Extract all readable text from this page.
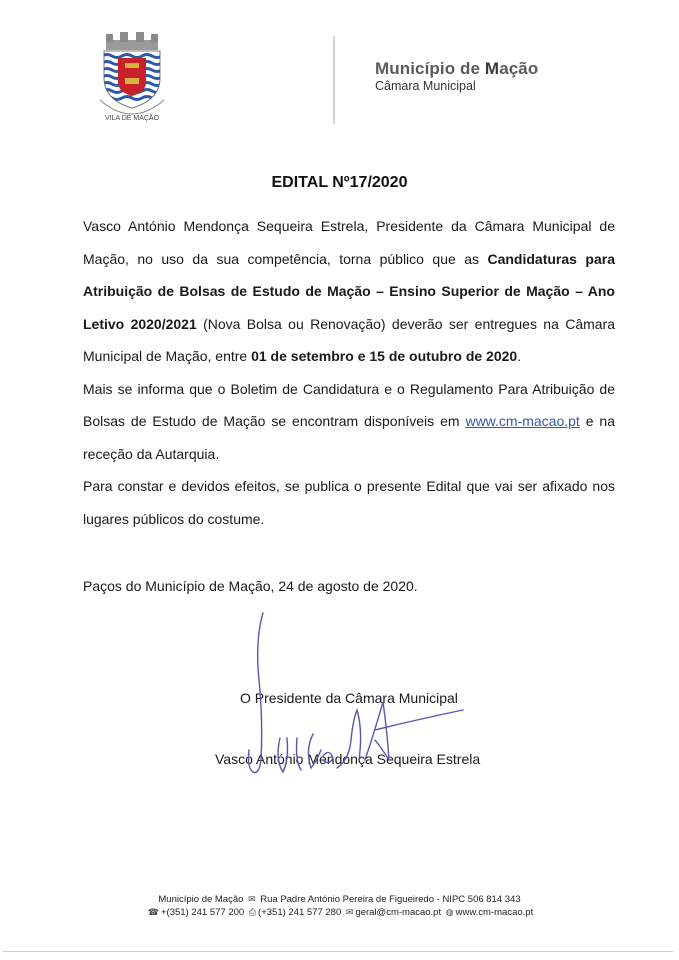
VILA DE MAÇÃO
Município de Mação
Câmara Municipal
EDITAL Nº17/2020

Vasco António Mendonça Sequeira Estrela, Presidente da Câmara Municipal de Mação, no uso da sua competência, torna público que as Candidaturas para Atribuição de Bolsas de Estudo de Mação – Ensino Superior de Mação – Ano Letivo 2020/2021 (Nova Bolsa ou Renovação) deverão ser entregues na Câmara Municipal de Mação, entre 01 de setembro e 15 de outubro de 2020.

Mais se informa que o Boletim de Candidatura e o Regulamento Para Atribuição de Bolsas de Estudo de Mação se encontram disponíveis em www.cm-macao.pt e na receção da Autarquia.

Para constar e devidos efeitos, se publica o presente Edital que vai ser afixado nos lugares públicos do costume.

Paços do Município de Mação, 24 de agosto de 2020.
O Presidente da Câmara Municipal
Vasco António Mendonça Sequeira Estrela
Município de Mação ✉ Rua Padre António Pereira de Figueiredo - NIPC 506 814 343
☎ +(351) 241 577 200 ⎙ (+351) 241 577 280 ✉ geral@cm-macao.pt ◍ www.cm-macao.pt
